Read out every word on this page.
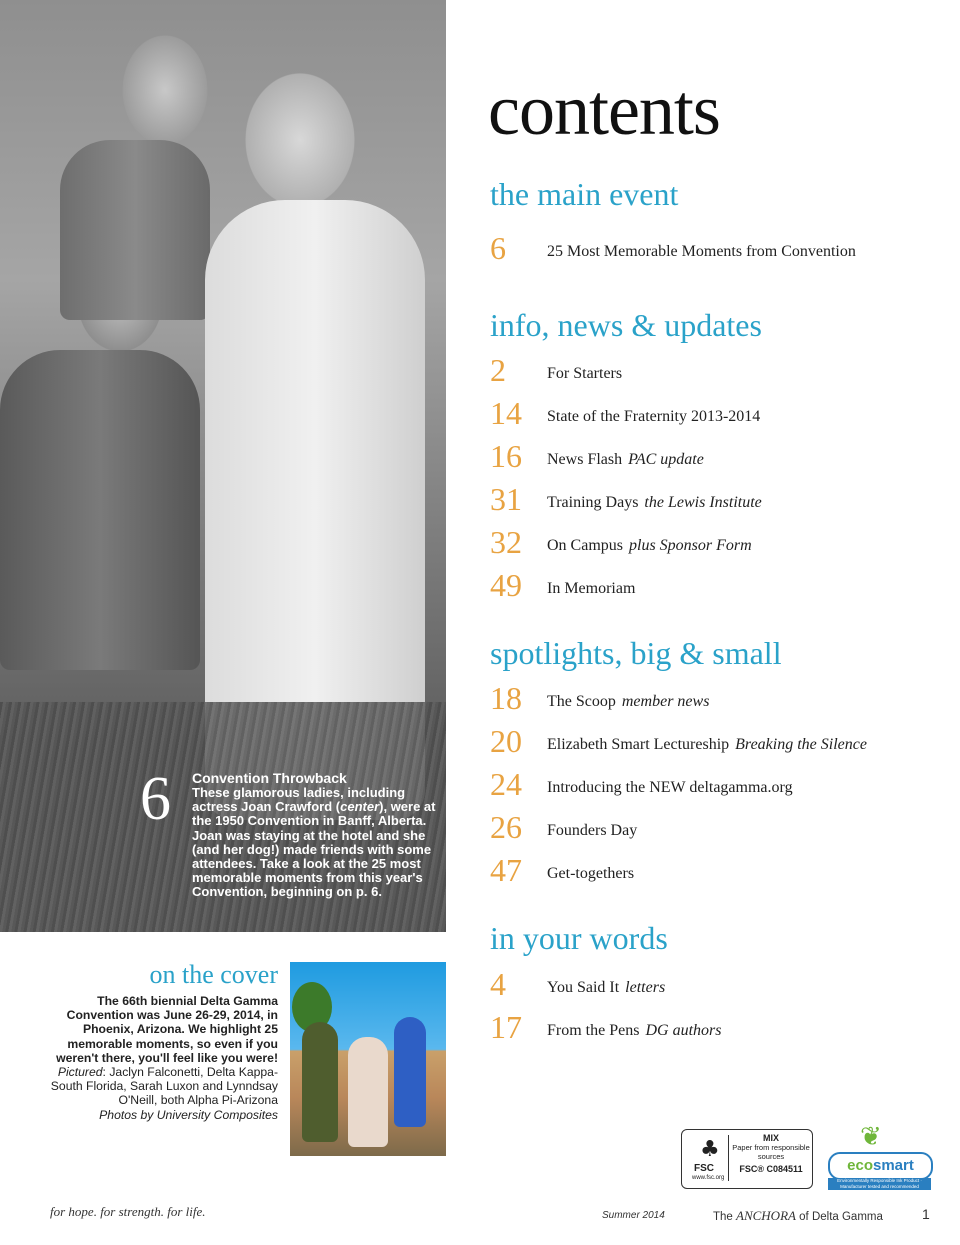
6 Convention Throwback
These glamorous ladies, including actress Joan Crawford (center), were at the 1950 Convention in Banff, Alberta. Joan was staying at the hotel and she (and her dog!) made friends with some attendees. Take a look at the 25 most memorable moments from this year's Convention, beginning on p. 6.
contents
the main event
6	25 Most Memorable Moments from Convention
info, news & updates
2	For Starters
14 State of the Fraternity 2013-2014
16 News Flash PAC update
31 Training Days the Lewis Institute
32 On Campus plus Sponsor Form
49 In Memoriam
spotlights, big & small
18 The Scoop member news
20 Elizabeth Smart Lectureship Breaking the Silence
24 Introducing the NEW deltagamma.org
26 Founders Day
47 Get-togethers
in your words
4	You Said It letters
17 From the Pens DG authors
on the cover
The 66th biennial Delta Gamma Convention was June 26-29, 2014, in Phoenix, Arizona. We highlight 25 memorable moments, so even if you weren't there, you'll feel like you were!
Pictured: Jaclyn Falconetti, Delta Kappa-South Florida, Sarah Luxon and Lynndsay O'Neill, both Alpha Pi-Arizona
Photos by University Composites
♣
FSC
www.fsc.org
MIX
Paper from responsible sources
FSC® C084511
❦
ecosmart
Environmentally Responsible Ink Product · Manufacturer tested and recommended
for hope. for strength. for life.	Summer 2014	The ANCHORA of Delta Gamma	1
